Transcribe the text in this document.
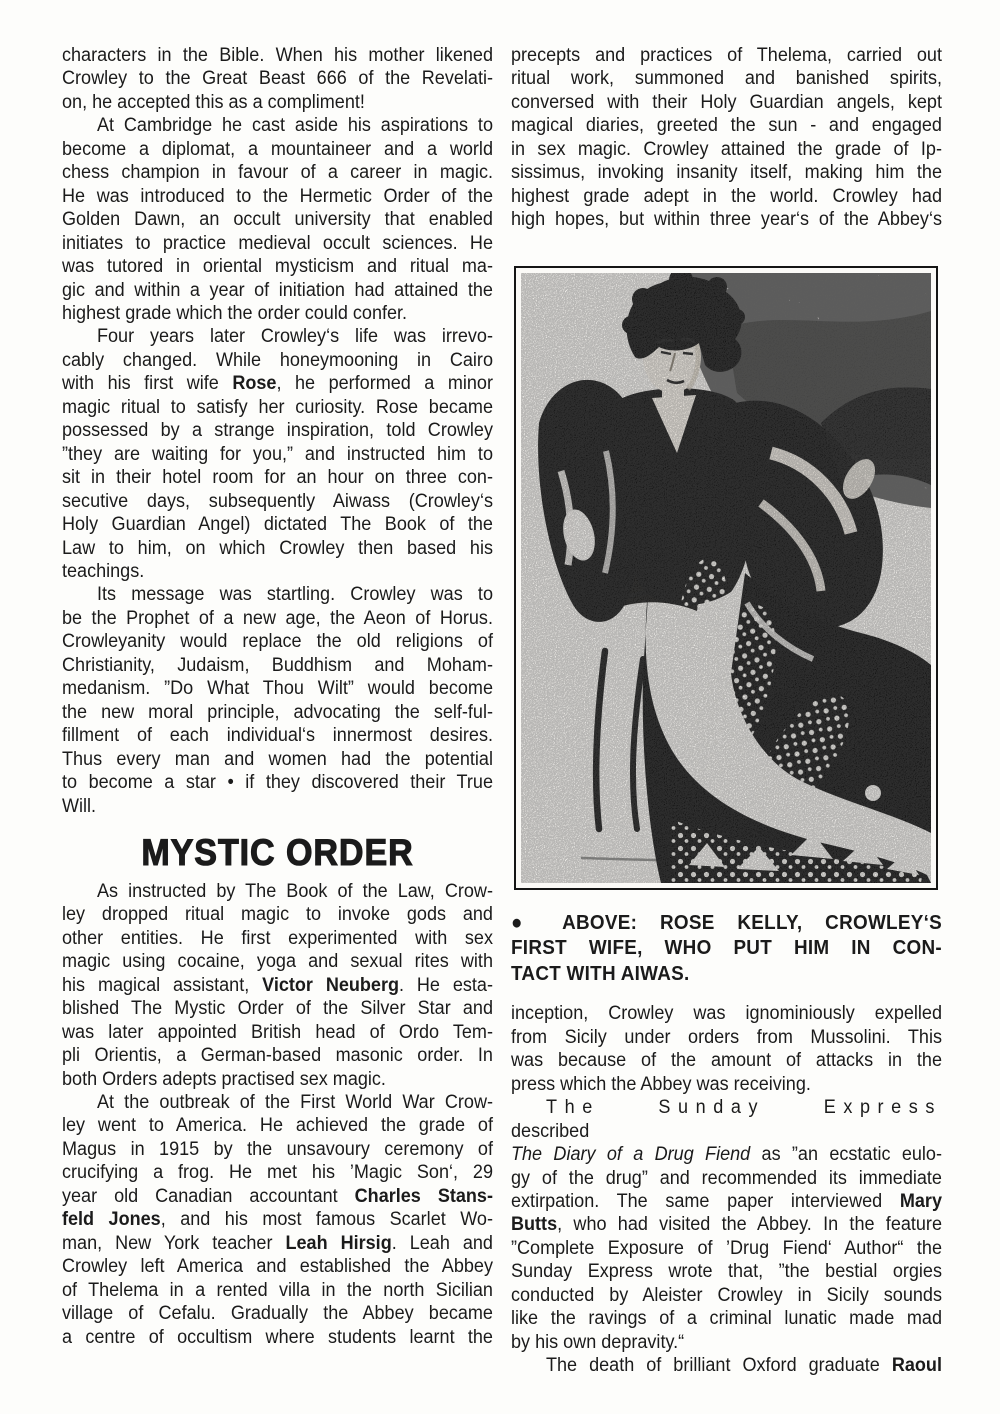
characters in the Bible. When his mother likened
Crowley to the Great Beast 666 of the Revelati-
on, he accepted this as a compliment!
At Cambridge he cast aside his aspirations to
become a diplomat, a mountaineer and a world
chess champion in favour of a career in magic.
He was introduced to the Hermetic Order of the
Golden Dawn, an occult university that enabled
initiates to practice medieval occult sciences. He
was tutored in oriental mysticism and ritual ma-
gic and within a year of initiation had attained the
highest grade which the order could confer.
Four years later Crowley‘s life was irrevo-
cably changed. While honeymooning in Cairo
with his first wife Rose, he performed a minor
magic ritual to satisfy her curiosity. Rose became
possessed by a strange inspiration, told Crowley
”they are waiting for you,” and instructed him to
sit in their hotel room for an hour on three con-
secutive days, subsequently Aiwass (Crowley‘s
Holy Guardian Angel) dictated The Book of the
Law to him, on which Crowley then based his
teachings.
Its message was startling. Crowley was to
be the Prophet of a new age, the Aeon of Horus.
Crowleyanity would replace the old religions of
Christianity, Judaism, Buddhism and Moham-
medanism. ”Do What Thou Wilt” would become
the new moral principle, advocating the self-ful-
fillment of each individual‘s innermost desires.
Thus every man and women had the potential
to become a star • if they discovered their True
Will.
MYSTIC ORDER
As instructed by The Book of the Law, Crow-
ley dropped ritual magic to invoke gods and
other entities. He first experimented with sex
magic using cocaine, yoga and sexual rites with
his magical assistant, Victor Neuberg. He esta-
blished The Mystic Order of the Silver Star and
was later appointed British head of Ordo Tem-
pli Orientis, a German-based masonic order. In
both Orders adepts practised sex magic.
At the outbreak of the First World War Crow-
ley went to America. He achieved the grade of
Magus in 1915 by the unsavoury ceremony of
crucifying a frog. He met his ’Magic Son‘, 29
year old Canadian accountant Charles Stans-
feld Jones, and his most famous Scarlet Wo-
man, New York teacher Leah Hirsig. Leah and
Crowley left America and established the Abbey
of Thelema in a rented villa in the north Sicilian
village of Cefalu. Gradually the Abbey became
a centre of occultism where students learnt the
precepts and practices of Thelema, carried out
ritual work, summoned and banished spirits,
conversed with their Holy Guardian angels, kept
magical diaries, greeted the sun - and engaged
in sex magic. Crowley attained the grade of Ip-
sissimus, invoking insanity itself, making him the
highest grade adept in the world. Crowley had
high hopes, but within three year‘s of the Abbey‘s
● ABOVE: ROSE KELLY, CROWLEY‘S
FIRST WIFE, WHO PUT HIM IN CON-
TACT WITH AIWAS.
inception, Crowley was ignominiously expelled
from Sicily under orders from Mussolini. This
was because of the amount of attacks in the
press which the Abbey was receiving.
The Sunday Express described
The Diary of a Drug Fiend as ”an ecstatic eulo-
gy of the drug” and recommended its immediate
extirpation. The same paper interviewed Mary
Butts, who had visited the Abbey. In the feature
”Complete Exposure of ’Drug Fiend‘ Author“ the
Sunday Express wrote that, ”the bestial orgies
conducted by Aleister Crowley in Sicily sounds
like the ravings of a criminal lunatic made mad
by his own depravity.“
The death of brilliant Oxford graduate Raoul
